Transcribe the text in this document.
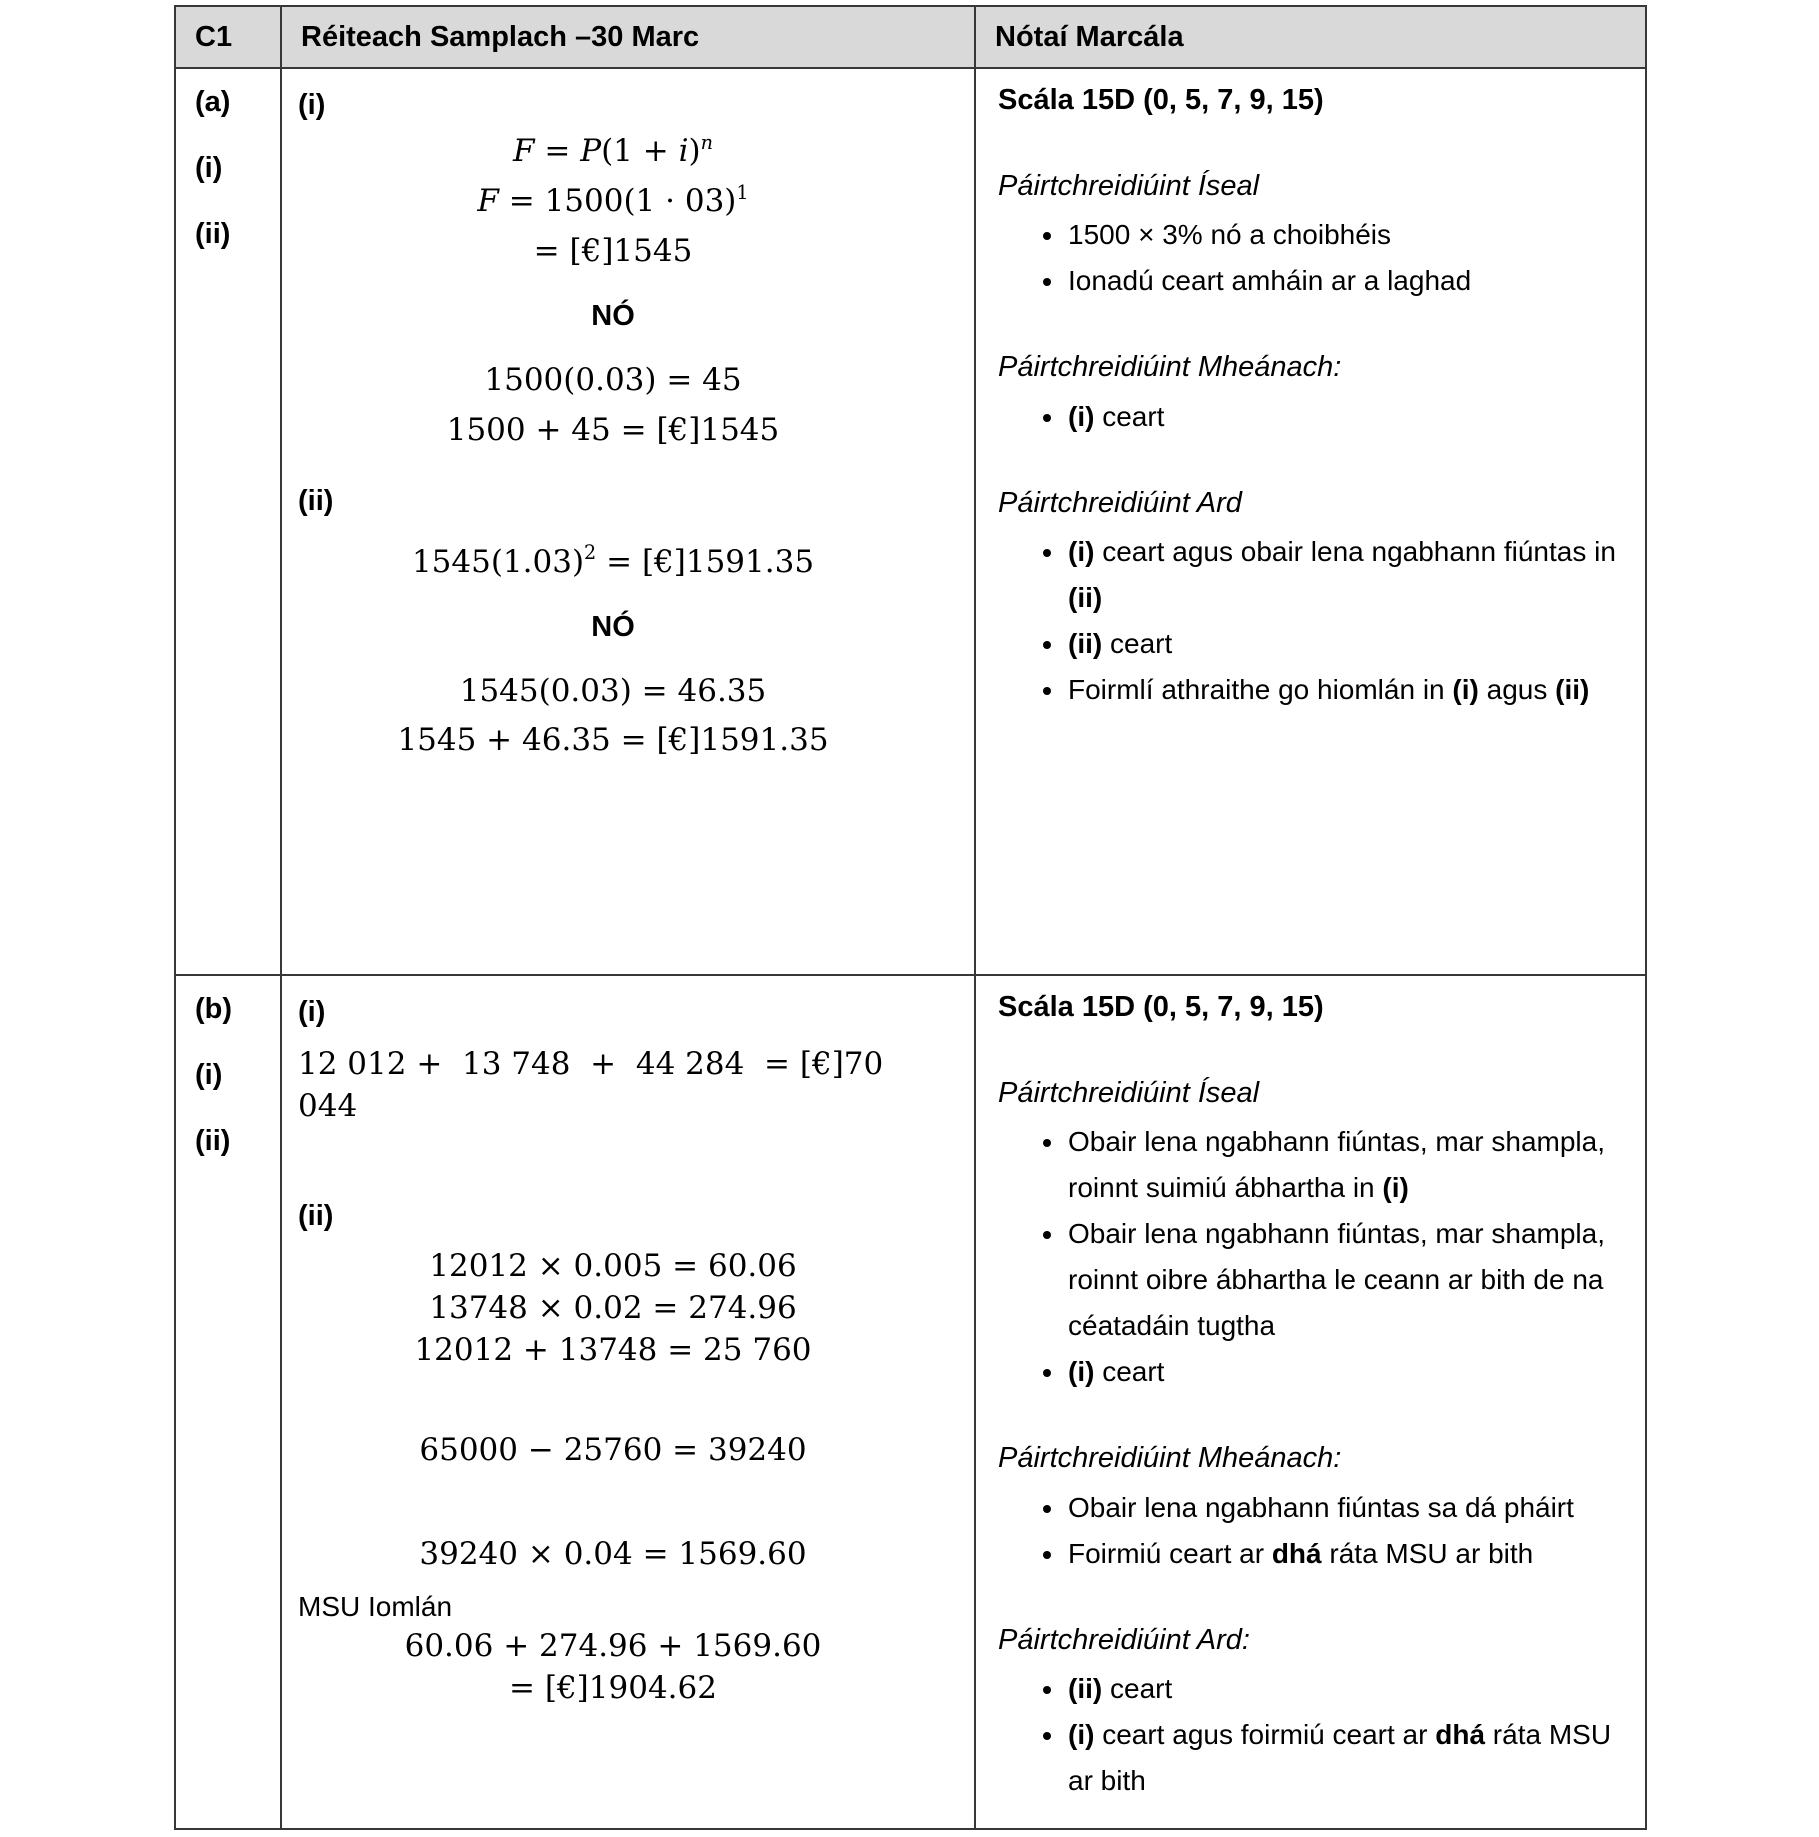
C1	Réiteach Samplach –30 Marc	Nótaí Marcála
(a)
(i)
(ii)
(i)
$F = P(1 + i)^n$
$F = 1500(1 \cdot 03)^1$
= [€]1545
NÓ
1500(0.03) = 45
1500 + 45 = [€]1545
(ii)
$1545(1.03)^2$ = [€]1591.35
NÓ
1545(0.03) = 46.35
1545 + 46.35 = [€]1591.35
Scála 15D (0, 5, 7, 9, 15)
Páirtchreidiúint Íseal
• 1500 × 3% nó a choibhéis
• Ionadú ceart amháin ar a laghad
Páirtchreidiúint Mheánach:
• (i) ceart
Páirtchreidiúint Ard
• (i) ceart agus obair lena ngabhann fiúntas in (ii)
• (ii) ceart
• Foirmlí athraithe go hiomlán in (i) agus (ii)
(b)
(i)
(ii)
(i)
12 012 +  13 748  +  44 284  = [€]70 044
(ii)
12012 × 0.005 = 60.06
13748 × 0.02 = 274.96
12012 + 13748 = 25 760
65000 − 25760 = 39240
39240 × 0.04 = 1569.60
MSU Iomlán
60.06 + 274.96 + 1569.60
= [€]1904.62
Scála 15D (0, 5, 7, 9, 15)
Páirtchreidiúint Íseal
• Obair lena ngabhann fiúntas, mar shampla, roinnt suimiú ábhartha in (i)
• Obair lena ngabhann fiúntas, mar shampla, roinnt oibre ábhartha le ceann ar bith de na céatadáin tugtha
• (i) ceart
Páirtchreidiúint Mheánach:
• Obair lena ngabhann fiúntas sa dá pháirt
• Foirmiú ceart ar dhá ráta MSU ar bith
Páirtchreidiúint Ard:
• (ii) ceart
• (i) ceart agus foirmiú ceart ar dhá ráta MSU ar bith
